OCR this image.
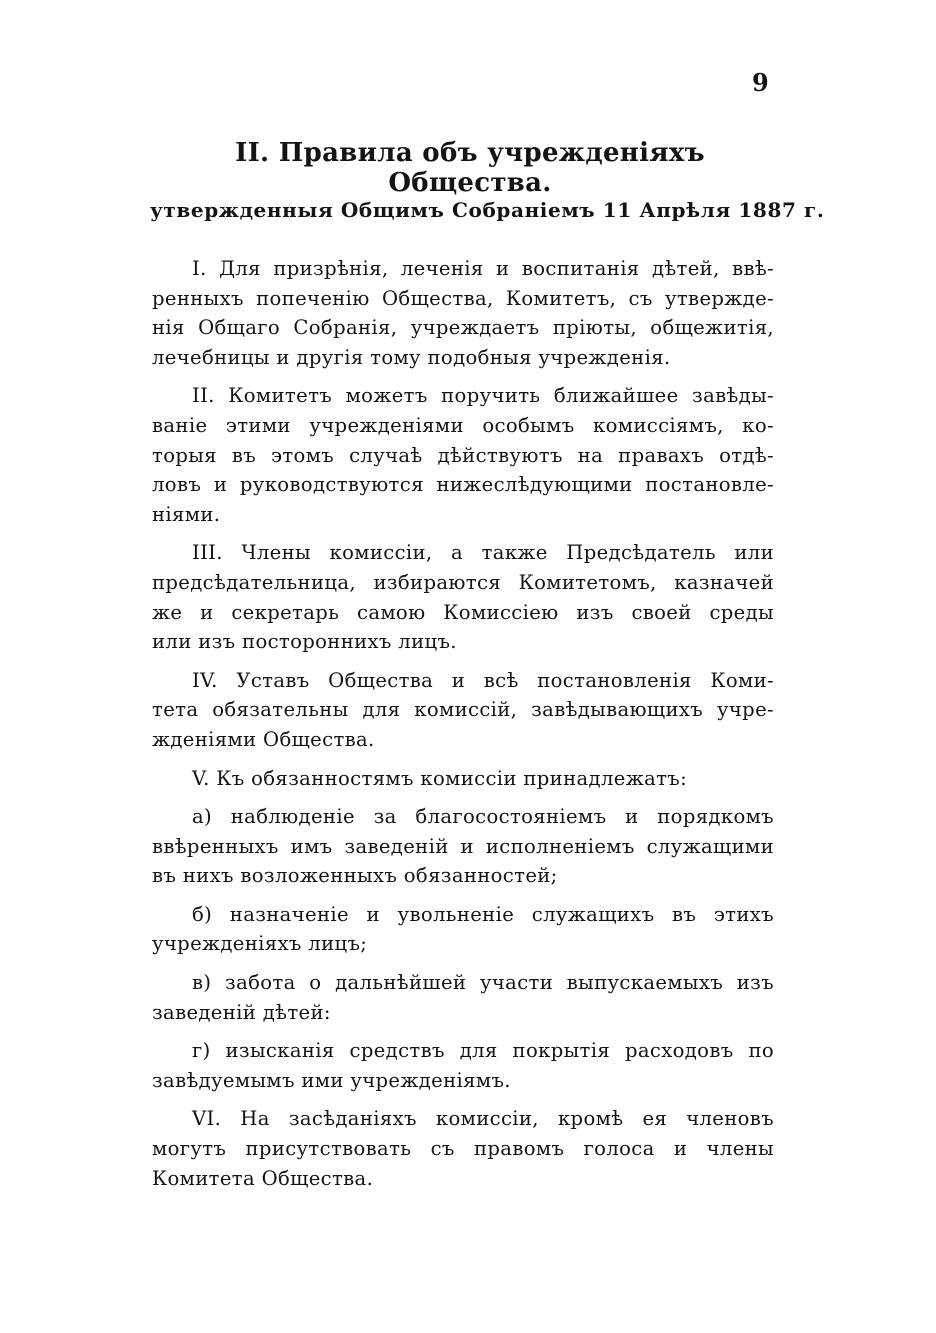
9
II. Правила объ учрежденіяхъ Общества.
утвержденныя Общимъ Собраніемъ 11 Апрѣля 1887 г.
I. Для призрѣнія, леченія и воспитанія дѣтей, ввѣ-
ренныхъ попеченію Общества, Комитетъ, съ утвержде-
нія Общаго Собранія, учреждаетъ пріюты, общежитія,
лечебницы и другія тому подобныя учрежденія.
II. Комитетъ можетъ поручить ближайшее завѣды-
ваніе этими учрежденіями особымъ комиссіямъ, ко-
торыя въ этомъ случаѣ дѣйствуютъ на правахъ отдѣ-
ловъ и руководствуются нижеслѣдующими постановле-
ніями.
III. Члены комиссіи, а также Предсѣдатель или
предсѣдательница, избираются Комитетомъ, казначей
же и секретарь самою Комиссіею изъ своей среды
или изъ постороннихъ лицъ.
IV. Уставъ Общества и всѣ постановленія Коми-
тета обязательны для комиссій, завѣдывающихъ учре-
жденіями Общества.
V. Къ обязанностямъ комиссіи принадлежатъ:
а) наблюденіе за благосостояніемъ и порядкомъ
ввѣренныхъ имъ заведеній и исполненіемъ служащими
въ нихъ возложенныхъ обязанностей;
б) назначеніе и увольненіе служащихъ въ этихъ
учрежденіяхъ лицъ;
в) забота о дальнѣйшей участи выпускаемыхъ изъ
заведеній дѣтей:
г) изысканія средствъ для покрытія расходовъ по
завѣдуемымъ ими учрежденіямъ.
VI. На засѣданіяхъ комиссіи, кромѣ ея членовъ
могутъ присутствовать съ правомъ голоса и члены
Комитета Общества.
